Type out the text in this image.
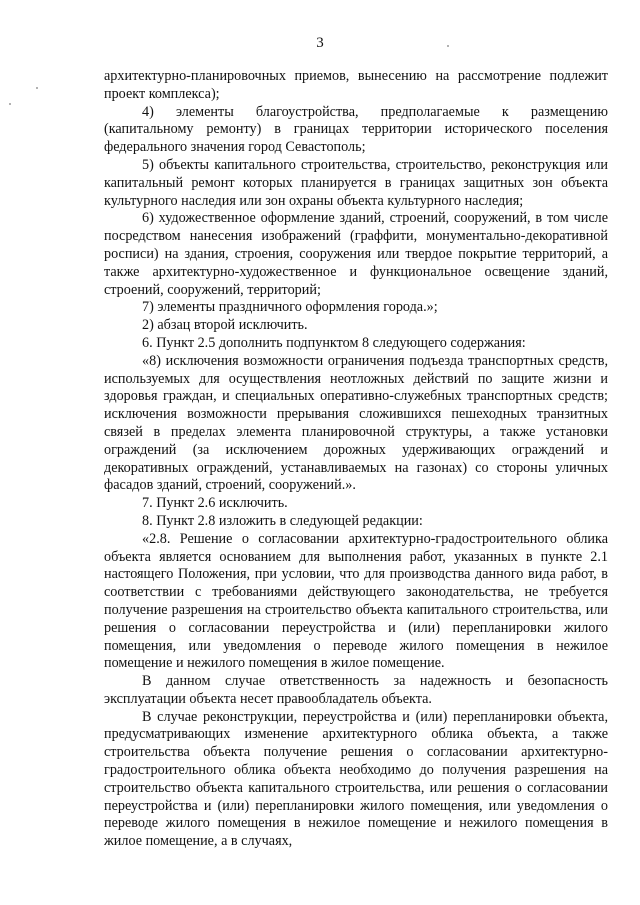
3

архитектурно-планировочных приемов, вынесению на рассмотрение подлежит проект комплекса);

4) элементы благоустройства, предполагаемые к размещению (капитальному ремонту) в границах территории исторического поселения федерального значения город Севастополь;

5) объекты капитального строительства, строительство, реконструкция или капитальный ремонт которых планируется в границах защитных зон объекта культурного наследия или зон охраны объекта культурного наследия;

6) художественное оформление зданий, строений, сооружений, в том числе посредством нанесения изображений (граффити, монументально-декоративной росписи) на здания, строения, сооружения или твердое покрытие территорий, а также архитектурно-художественное и функциональное освещение зданий, строений, сооружений, территорий;

7) элементы праздничного оформления города.»;

2) абзац второй исключить.

6. Пункт 2.5 дополнить подпунктом 8 следующего содержания:

«8) исключения возможности ограничения подъезда транспортных средств, используемых для осуществления неотложных действий по защите жизни и здоровья граждан, и специальных оперативно-служебных транспортных средств; исключения возможности прерывания сложившихся пешеходных транзитных связей в пределах элемента планировочной структуры, а также установки ограждений (за исключением дорожных удерживающих ограждений и декоративных ограждений, устанавливаемых на газонах) со стороны уличных фасадов зданий, строений, сооружений.».

7. Пункт 2.6 исключить.

8. Пункт 2.8 изложить в следующей редакции:

«2.8. Решение о согласовании архитектурно-градостроительного облика объекта является основанием для выполнения работ, указанных в пункте 2.1 настоящего Положения, при условии, что для производства данного вида работ, в соответствии с требованиями действующего законодательства, не требуется получение разрешения на строительство объекта капитального строительства, или решения о согласовании переустройства и (или) перепланировки жилого помещения, или уведомления о переводе жилого помещения в нежилое помещение и нежилого помещения в жилое помещение.

В данном случае ответственность за надежность и безопасность эксплуатации объекта несет правообладатель объекта.

В случае реконструкции, переустройства и (или) перепланировки объекта, предусматривающих изменение архитектурного облика объекта, а также строительства объекта получение решения о согласовании архитектурно-градостроительного облика объекта необходимо до получения разрешения на строительство объекта капитального строительства, или решения о согласовании переустройства и (или) перепланировки жилого помещения, или уведомления о переводе жилого помещения в нежилое помещение и нежилого помещения в жилое помещение, а в случаях,
